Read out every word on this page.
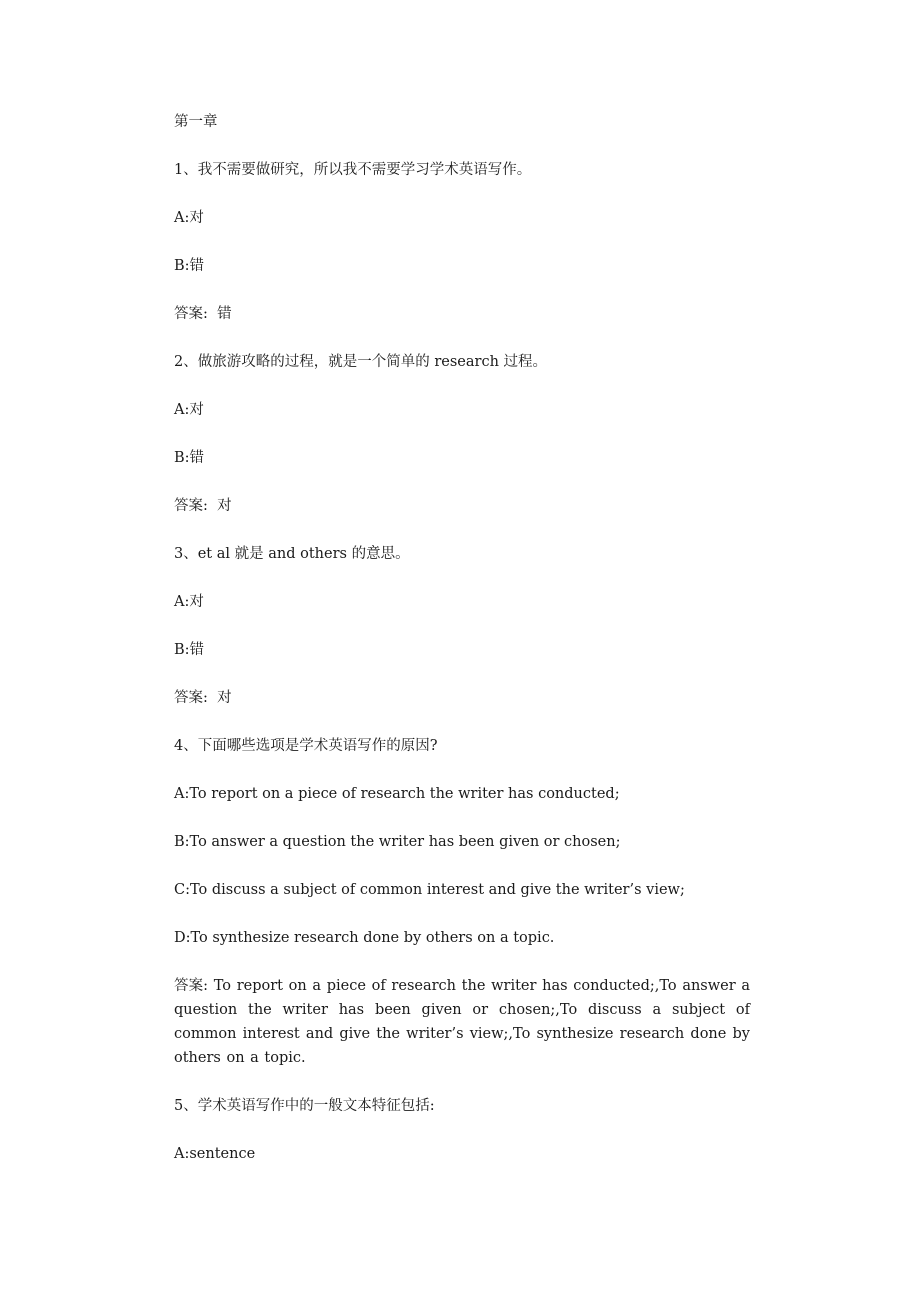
第一章
1、我不需要做研究，所以我不需要学习学术英语写作。
A:对
B:错
答案: 错
2、做旅游攻略的过程，就是一个简单的 research 过程。
A:对
B:错
答案: 对
3、et al 就是 and others 的意思。
A:对
B:错
答案: 对
4、下面哪些选项是学术英语写作的原因?
A:To report on a piece of research the writer has conducted;
B:To answer a question the writer has been given or chosen;
C:To discuss a subject of common interest and give the writer’s view;
D:To synthesize research done by others on a topic.
答案: To report on a piece of research the writer has conducted;,To answer a question the writer has been given or chosen;,To discuss a subject of common interest and give the writer’s view;,To synthesize research done by others on a topic.
5、学术英语写作中的一般文本特征包括:
A:sentence
